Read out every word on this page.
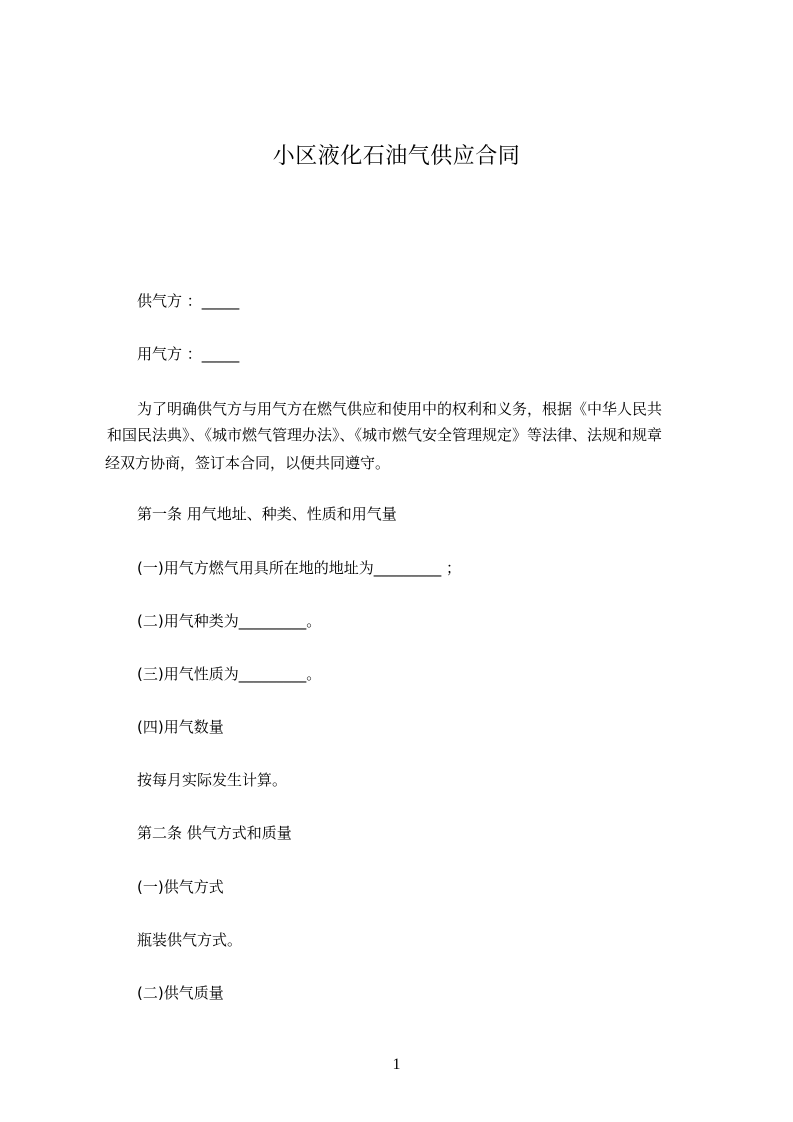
小区液化石油气供应合同
供气方 ：_____
用气方 ：_____
为了明确供气方与用气方在燃气供应和使用中的权利和义务，根据《中华人民共
和国民法典》、《城市燃气管理办法》、《城市燃气安全管理规定》等法律、法规和规章
经双方协商，签订本合同，以便共同遵守。
第一条 用气地址、种类、性质和用气量
(一)用气方燃气用具所在地的地址为_________ ；
(二)用气种类为_________。
(三)用气性质为_________。
(四)用气数量
按每月实际发生计算。
第二条 供气方式和质量
(一)供气方式
瓶装供气方式。
(二)供气质量
1
